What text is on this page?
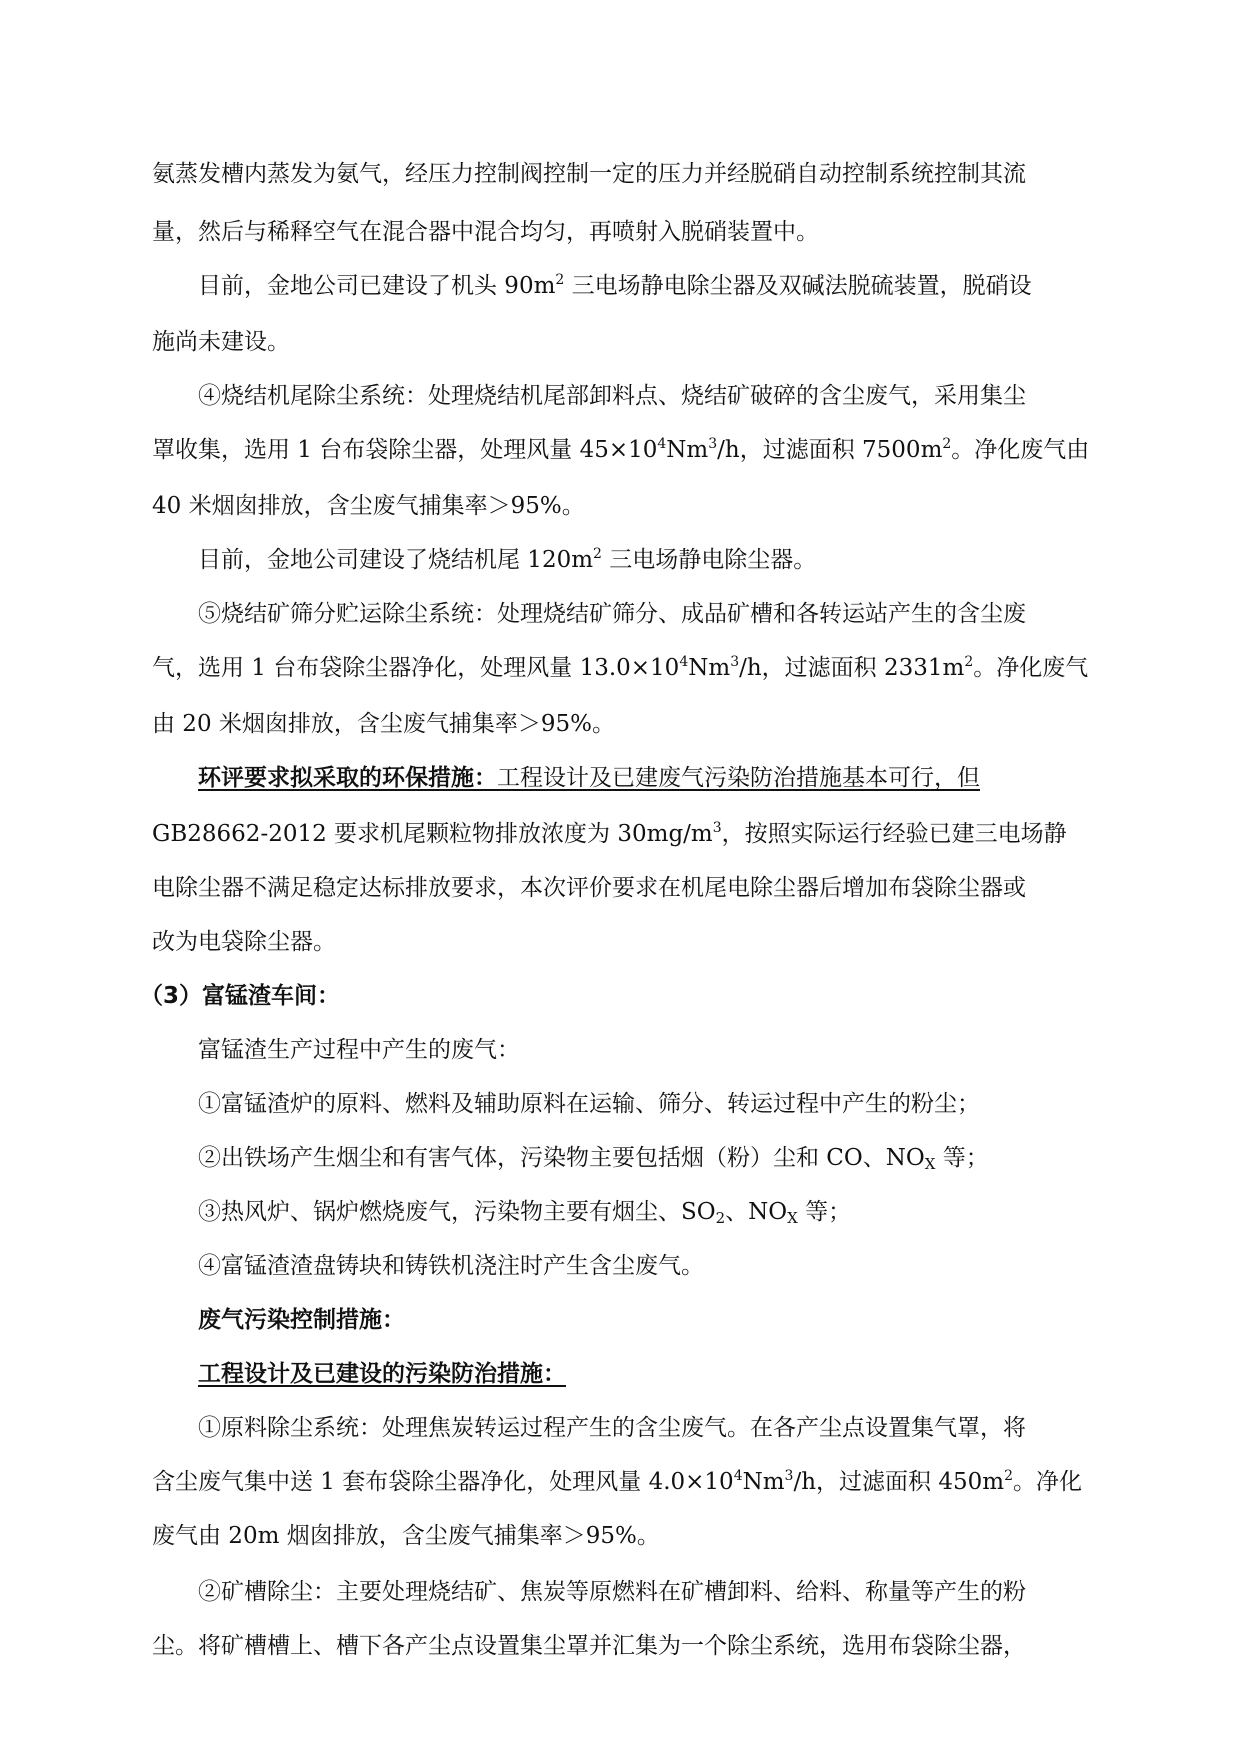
氨蒸发槽内蒸发为氨气，经压力控制阀控制一定的压力并经脱硝自动控制系统控制其流
量，然后与稀释空气在混合器中混合均匀，再喷射入脱硝装置中。
目前，金地公司已建设了机头 $90m^2$ 三电场静电除尘器及双碱法脱硫装置，脱硝设
施尚未建设。
④烧结机尾除尘系统：处理烧结机尾部卸料点、烧结矿破碎的含尘废气，采用集尘
罩收集，选用 1 台布袋除尘器，处理风量 $45\times 10^4Nm^3/h$，过滤面积 $7500m^2$。净化废气由
40 米烟囱排放，含尘废气捕集率＞95%。
目前，金地公司建设了烧结机尾 $120m^2$ 三电场静电除尘器。
⑤烧结矿筛分贮运除尘系统：处理烧结矿筛分、成品矿槽和各转运站产生的含尘废
气，选用 1 台布袋除尘器净化，处理风量 $13.0\times 10^4Nm^3/h$，过滤面积 $2331m^2$。净化废气
由 20 米烟囱排放，含尘废气捕集率＞95%。
环评要求拟采取的环保措施：工程设计及已建废气污染防治措施基本可行，但
GB28662-2012 要求机尾颗粒物排放浓度为 $30mg/m^3$，按照实际运行经验已建三电场静
电除尘器不满足稳定达标排放要求，本次评价要求在机尾电除尘器后增加布袋除尘器或
改为电袋除尘器。
（3）富锰渣车间：
富锰渣生产过程中产生的废气：
①富锰渣炉的原料、燃料及辅助原料在运输、筛分、转运过程中产生的粉尘；
②出铁场产生烟尘和有害气体，污染物主要包括烟（粉）尘和 CO、$NO_X$ 等；
③热风炉、锅炉燃烧废气，污染物主要有烟尘、$SO_2$、$NO_X$ 等；
④富锰渣渣盘铸块和铸铁机浇注时产生含尘废气。
废气污染控制措施：
工程设计及已建设的污染防治措施：
①原料除尘系统：处理焦炭转运过程产生的含尘废气。在各产尘点设置集气罩，将
含尘废气集中送 1 套布袋除尘器净化，处理风量 $4.0\times 10^4Nm^3/h$，过滤面积 $450m^2$。净化
废气由 20m 烟囱排放，含尘废气捕集率＞95%。
②矿槽除尘：主要处理烧结矿、焦炭等原燃料在矿槽卸料、给料、称量等产生的粉
尘。将矿槽槽上、槽下各产尘点设置集尘罩并汇集为一个除尘系统，选用布袋除尘器，
